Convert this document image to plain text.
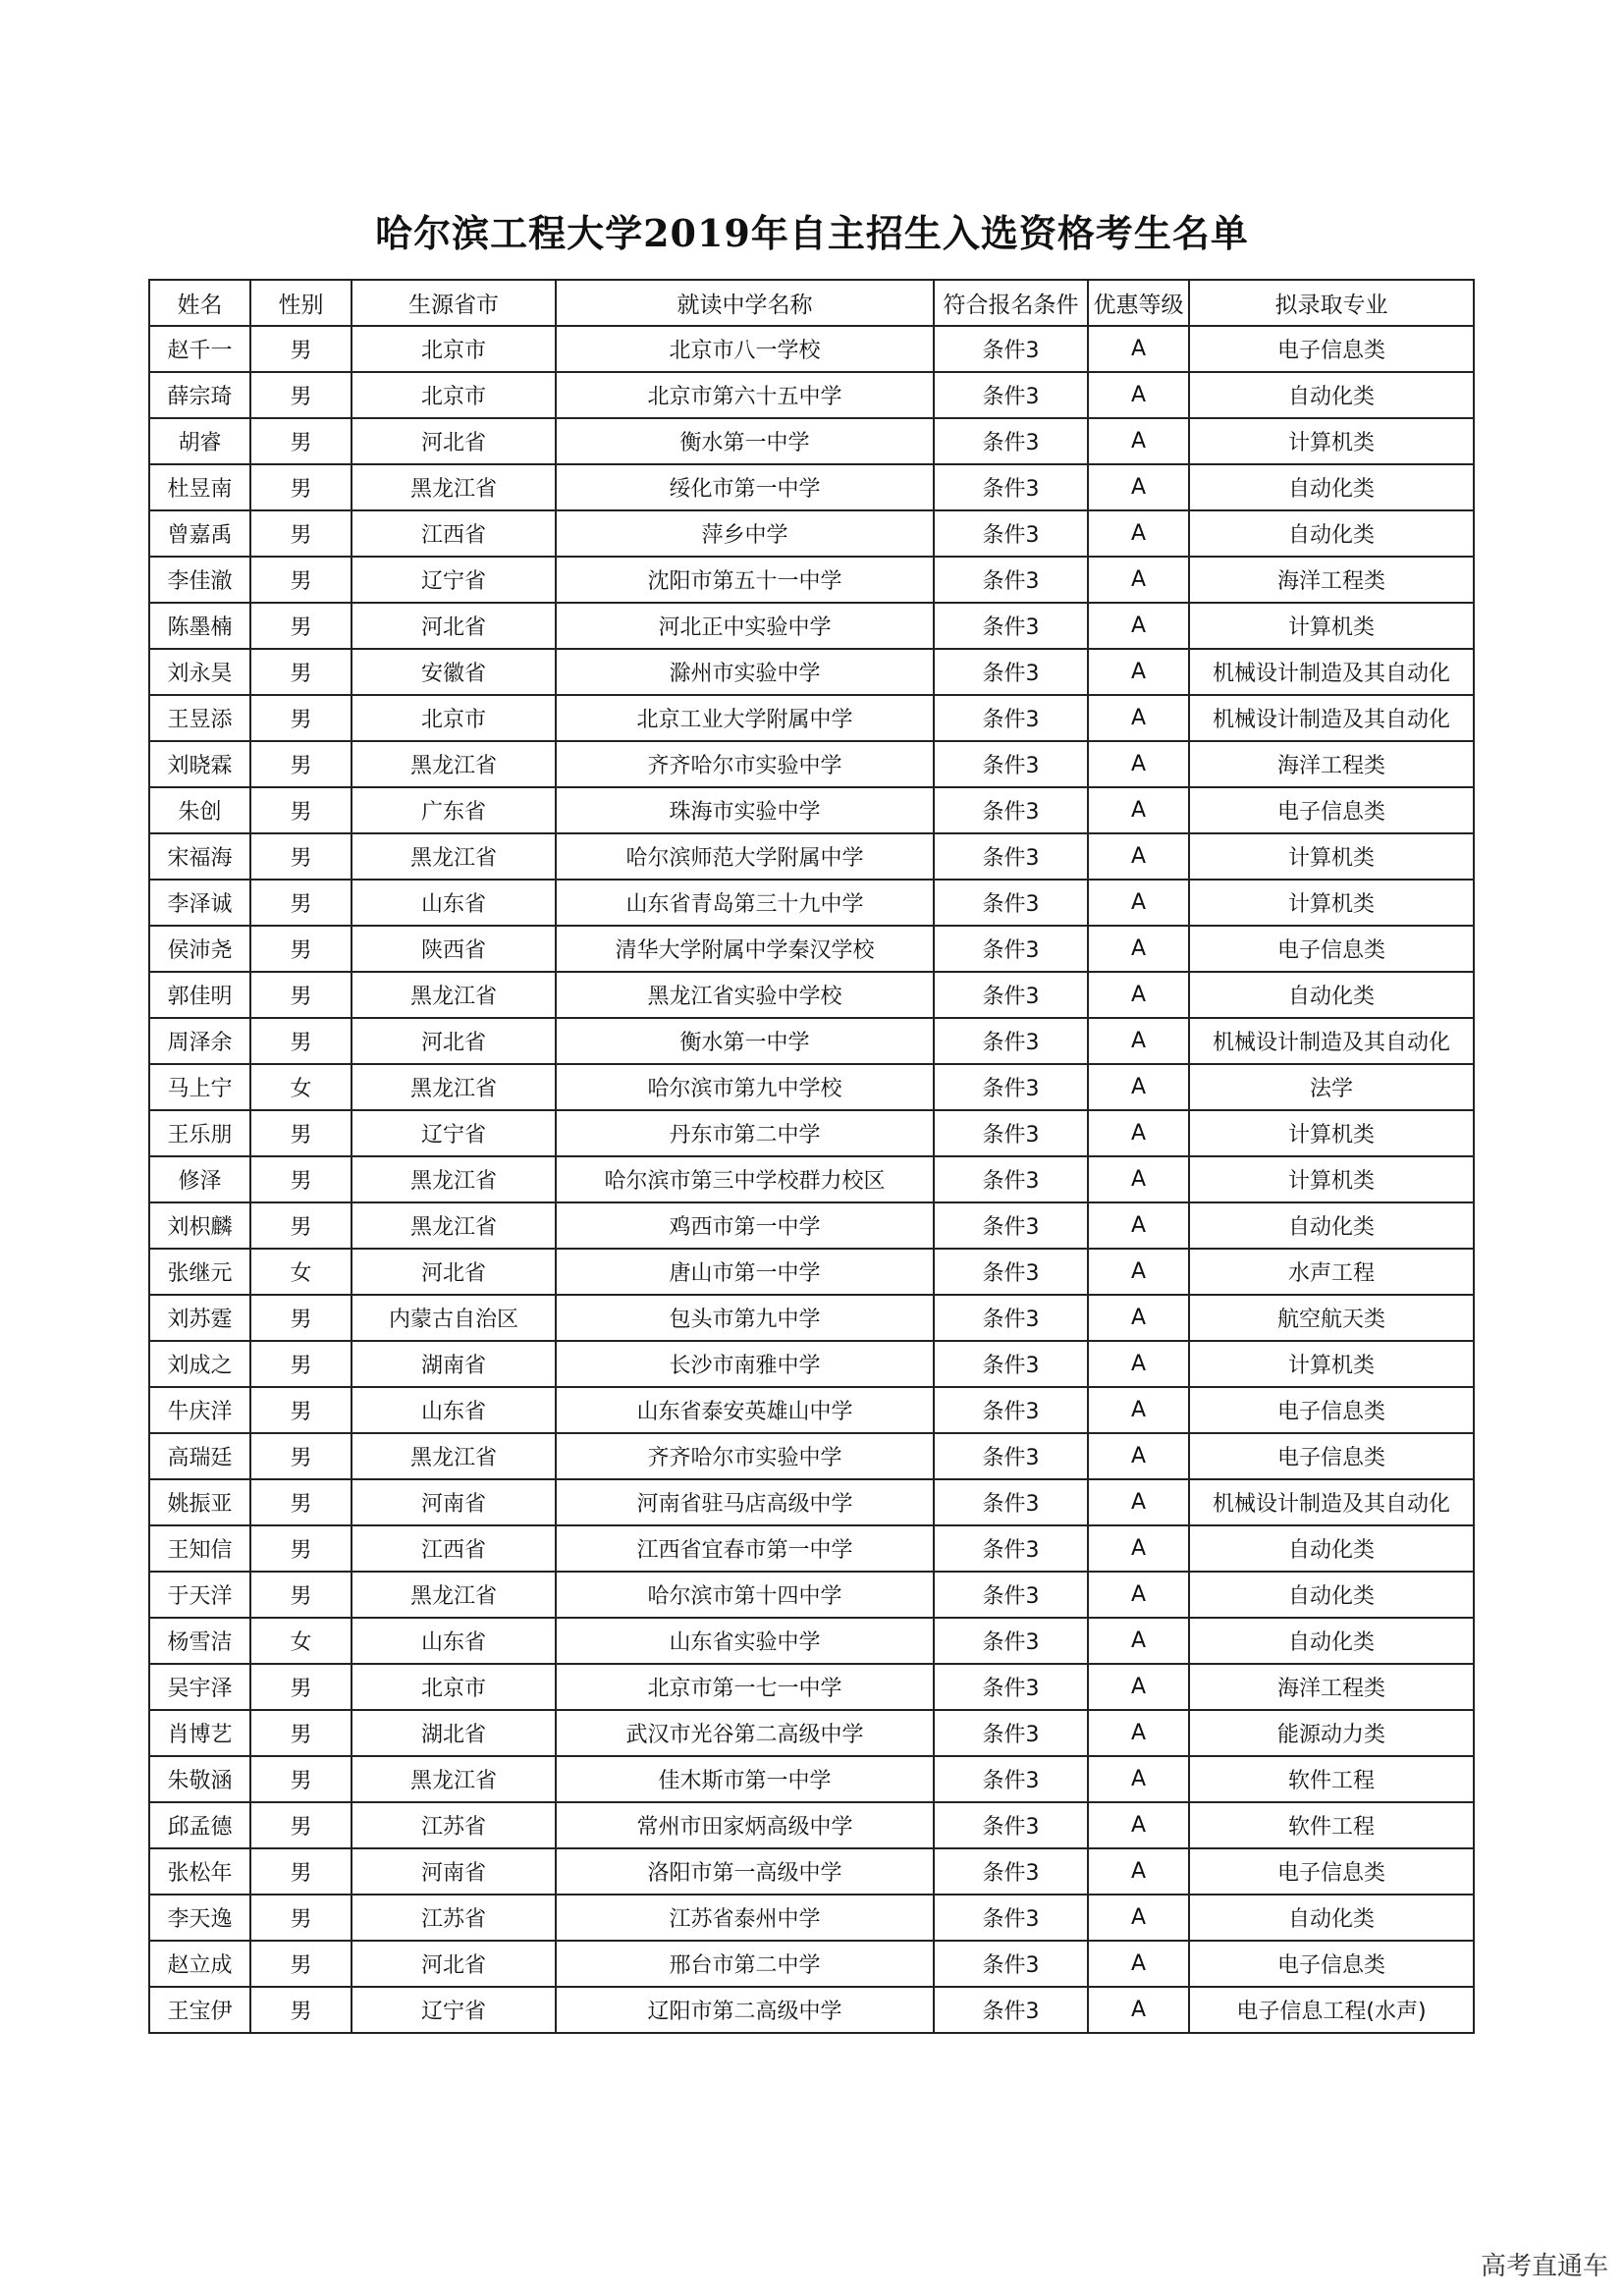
哈尔滨工程大学2019年自主招生入选资格考生名单
姓名	性别	生源省市	就读中学名称	符合报名条件	优惠等级	拟录取专业
赵千一	男	北京市	北京市八一学校	条件3	A	电子信息类
薛宗琦	男	北京市	北京市第六十五中学	条件3	A	自动化类
胡睿	男	河北省	衡水第一中学	条件3	A	计算机类
杜昱南	男	黑龙江省	绥化市第一中学	条件3	A	自动化类
曾嘉禹	男	江西省	萍乡中学	条件3	A	自动化类
李佳澈	男	辽宁省	沈阳市第五十一中学	条件3	A	海洋工程类
陈墨楠	男	河北省	河北正中实验中学	条件3	A	计算机类
刘永昊	男	安徽省	滁州市实验中学	条件3	A	机械设计制造及其自动化
王昱添	男	北京市	北京工业大学附属中学	条件3	A	机械设计制造及其自动化
刘晓霖	男	黑龙江省	齐齐哈尔市实验中学	条件3	A	海洋工程类
朱创	男	广东省	珠海市实验中学	条件3	A	电子信息类
宋福海	男	黑龙江省	哈尔滨师范大学附属中学	条件3	A	计算机类
李泽诚	男	山东省	山东省青岛第三十九中学	条件3	A	计算机类
侯沛尧	男	陕西省	清华大学附属中学秦汉学校	条件3	A	电子信息类
郭佳明	男	黑龙江省	黑龙江省实验中学校	条件3	A	自动化类
周泽余	男	河北省	衡水第一中学	条件3	A	机械设计制造及其自动化
马上宁	女	黑龙江省	哈尔滨市第九中学校	条件3	A	法学
王乐朋	男	辽宁省	丹东市第二中学	条件3	A	计算机类
修泽	男	黑龙江省	哈尔滨市第三中学校群力校区	条件3	A	计算机类
刘枳麟	男	黑龙江省	鸡西市第一中学	条件3	A	自动化类
张继元	女	河北省	唐山市第一中学	条件3	A	水声工程
刘苏霆	男	内蒙古自治区	包头市第九中学	条件3	A	航空航天类
刘成之	男	湖南省	长沙市南雅中学	条件3	A	计算机类
牛庆洋	男	山东省	山东省泰安英雄山中学	条件3	A	电子信息类
高瑞廷	男	黑龙江省	齐齐哈尔市实验中学	条件3	A	电子信息类
姚振亚	男	河南省	河南省驻马店高级中学	条件3	A	机械设计制造及其自动化
王知信	男	江西省	江西省宜春市第一中学	条件3	A	自动化类
于天洋	男	黑龙江省	哈尔滨市第十四中学	条件3	A	自动化类
杨雪洁	女	山东省	山东省实验中学	条件3	A	自动化类
吴宇泽	男	北京市	北京市第一七一中学	条件3	A	海洋工程类
肖博艺	男	湖北省	武汉市光谷第二高级中学	条件3	A	能源动力类
朱敬涵	男	黑龙江省	佳木斯市第一中学	条件3	A	软件工程
邱孟德	男	江苏省	常州市田家炳高级中学	条件3	A	软件工程
张松年	男	河南省	洛阳市第一高级中学	条件3	A	电子信息类
李天逸	男	江苏省	江苏省泰州中学	条件3	A	自动化类
赵立成	男	河北省	邢台市第二中学	条件3	A	电子信息类
王宝伊	男	辽宁省	辽阳市第二高级中学	条件3	A	电子信息工程(水声)
高考直通车
